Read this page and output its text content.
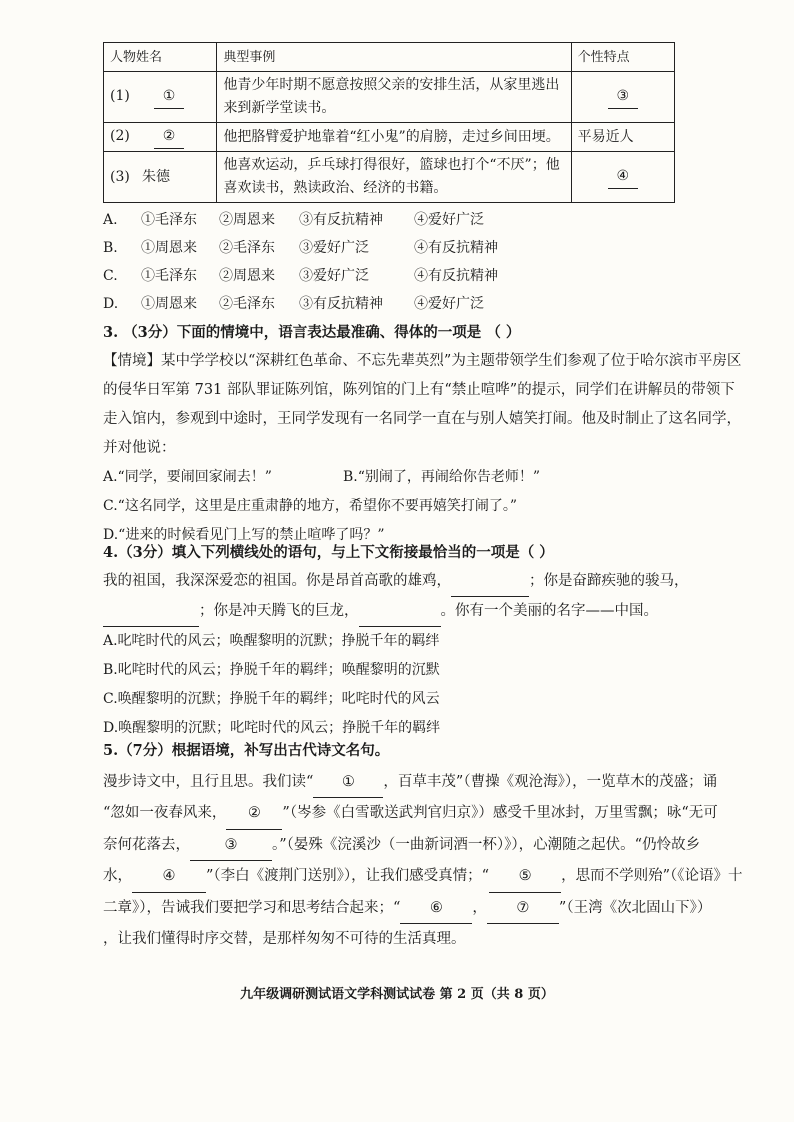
人物姓名	典型事例	个性特点
(1) ①	他青少年时期不愿意按照父亲的安排生活，从家里逃出来到新学堂读书。	③
(2) ②	他把胳臂爱护地靠着“红小鬼”的肩膀，走过乡间田埂。	平易近人
(3) 朱德	他喜欢运动，乒乓球打得很好，篮球也打个“不厌”；他喜欢读书，熟读政治、经济的书籍。	④
A.	①毛泽东	②周恩来	③有反抗精神	④爱好广泛
B.	①周恩来	②毛泽东	③爱好广泛	④有反抗精神
C.	①毛泽东	②周恩来	③爱好广泛	④有反抗精神
D.	①周恩来	②毛泽东	③有反抗精神	④爱好广泛

3. （3分）下面的情境中，语言表达最准确、得体的一项是 （ ）

【情境】某中学学校以“深耕红色革命、不忘先辈英烈”为主题带领学生们参观了位于哈尔滨市平房区

的侵华日军第 731 部队罪证陈列馆，陈列馆的门上有“禁止喧哗”的提示，同学们在讲解员的带领下

走入馆内，参观到中途时，王同学发现有一名同学一直在与别人嬉笑打闹。他及时制止了这名同学，

并对他说：

A.“同学，要闹回家闹去！”	B.“别闹了，再闹给你告老师！”

C.“这名同学，这里是庄重肃静的地方，希望你不要再嬉笑打闹了。”

D.“进来的时候看见门上写的禁止喧哗了吗？”

4.（3分）填入下列横线处的语句，与上下文衔接最恰当的一项是（ ）

我的祖国，我深深爱恋的祖国。你是昂首高歌的雄鸡，	；你是奋蹄疾驰的骏马，

；你是冲天腾飞的巨龙，	。你有一个美丽的名字——中国。

A.叱咤时代的风云；唤醒黎明的沉默；挣脱千年的羁绊

B.叱咤时代的风云；挣脱千年的羁绊；唤醒黎明的沉默

C.唤醒黎明的沉默；挣脱千年的羁绊；叱咤时代的风云

D.唤醒黎明的沉默；叱咤时代的风云；挣脱千年的羁绊

5.（7分）根据语境，补写出古代诗文名句。

漫步诗文中，且行且思。我们读“ ① ，百草丰茂”（曹操《观沧海》），一览草木的茂盛；诵

“忽如一夜春风来， ② ”（岑参《白雪歌送武判官归京》）感受千里冰封，万里雪飘；咏“无可

奈何花落去， ③ 。”（晏殊《浣溪沙（一曲新词酒一杯）》），心潮随之起伏。“仍怜故乡

水， ④ ”（李白《渡荆门送别》），让我们感受真情；“ ⑤ ，思而不学则殆”（《论语》十

二章》），告诫我们要把学习和思考结合起来；“ ⑥ ， ⑦ ”（王湾《次北固山下》）

，让我们懂得时序交替，是那样匆匆不可待的生活真理。

九年级调研测试语文学科测试试卷 第 2 页（共 8 页）
